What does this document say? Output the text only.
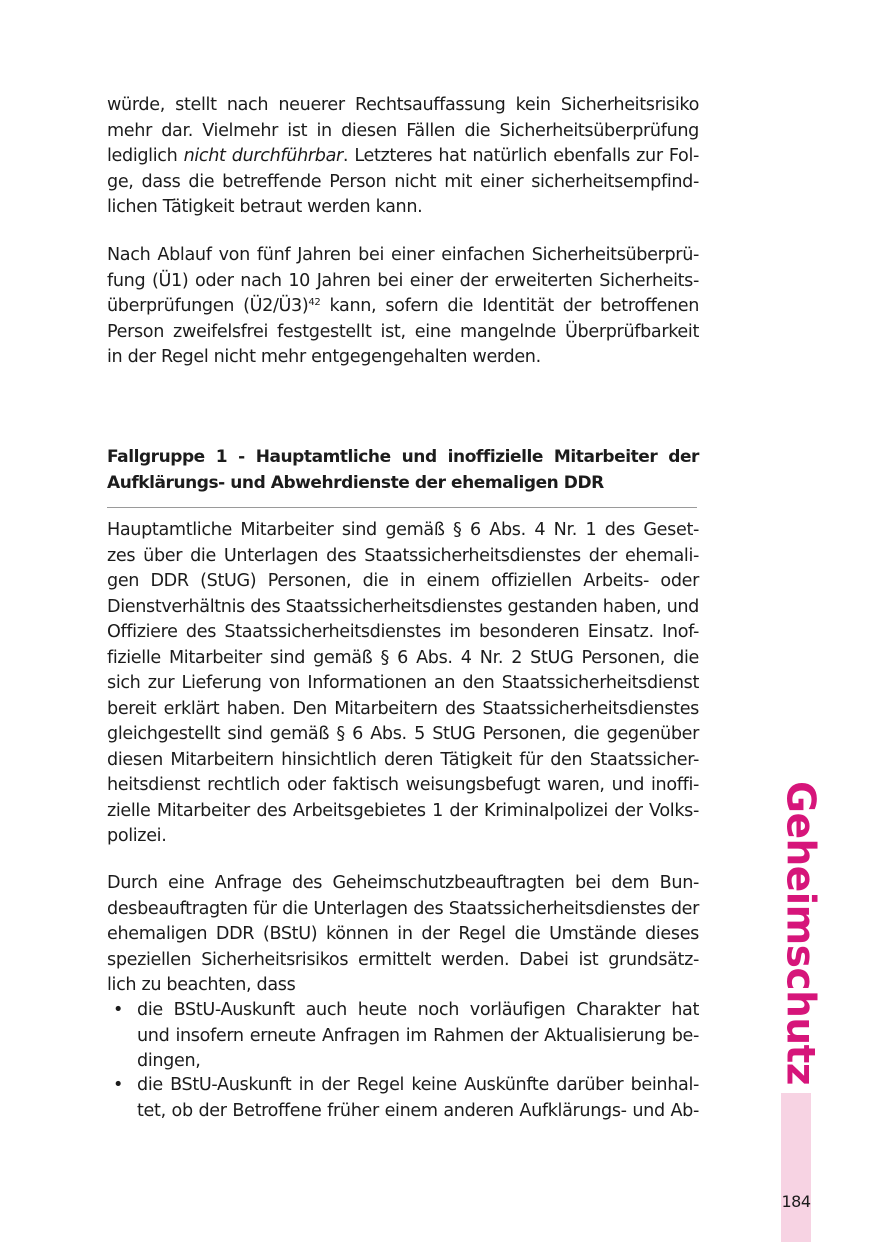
würde, stellt nach neuerer Rechtsauffassung kein Sicherheitsrisiko
mehr dar. Vielmehr ist in diesen Fällen die Sicherheitsüberprüfung
lediglich nicht durchführbar. Letzteres hat natürlich ebenfalls zur Fol-
ge, dass die betreffende Person nicht mit einer sicherheitsempfind-
lichen Tätigkeit betraut werden kann.
Nach Ablauf von fünf Jahren bei einer einfachen Sicherheitsüberprü-
fung (Ü1) oder nach 10 Jahren bei einer der erweiterten Sicherheits-
überprüfungen (Ü2/Ü3)$^{42}$ kann, sofern die Identität der betroffenen
Person zweifelsfrei festgestellt ist, eine mangelnde Überprüfbarkeit
in der Regel nicht mehr entgegengehalten werden.
Fallgruppe 1 - Hauptamtliche und inoffizielle Mitarbeiter der
Aufklärungs- und Abwehrdienste der ehemaligen DDR
Hauptamtliche Mitarbeiter sind gemäß § 6 Abs. 4 Nr. 1 des Geset-
zes über die Unterlagen des Staatssicherheitsdienstes der ehemali-
gen DDR (StUG) Personen, die in einem offiziellen Arbeits- oder
Dienstverhältnis des Staatssicherheitsdienstes gestanden haben, und
Offiziere des Staatssicherheitsdienstes im besonderen Einsatz. Inof-
fizielle Mitarbeiter sind gemäß § 6 Abs. 4 Nr. 2 StUG Personen, die
sich zur Lieferung von Informationen an den Staatssicherheitsdienst
bereit erklärt haben. Den Mitarbeitern des Staatssicherheitsdienstes
gleichgestellt sind gemäß § 6 Abs. 5 StUG Personen, die gegenüber
diesen Mitarbeitern hinsichtlich deren Tätigkeit für den Staatssicher-
heitsdienst rechtlich oder faktisch weisungsbefugt waren, und inoffi-
zielle Mitarbeiter des Arbeitsgebietes 1 der Kriminalpolizei der Volks-
polizei.
Durch eine Anfrage des Geheimschutzbeauftragten bei dem Bun-
desbeauftragten für die Unterlagen des Staatssicherheitsdienstes der
ehemaligen DDR (BStU) können in der Regel die Umstände dieses
speziellen Sicherheitsrisikos ermittelt werden. Dabei ist grundsätz-
lich zu beachten, dass
• die BStU-Auskunft auch heute noch vorläufigen Charakter hat
und insofern erneute Anfragen im Rahmen der Aktualisierung be-
dingen,
• die BStU-Auskunft in der Regel keine Auskünfte darüber beinhal-
tet, ob der Betroffene früher einem anderen Aufklärungs- und Ab-
Geheimschutz
184
